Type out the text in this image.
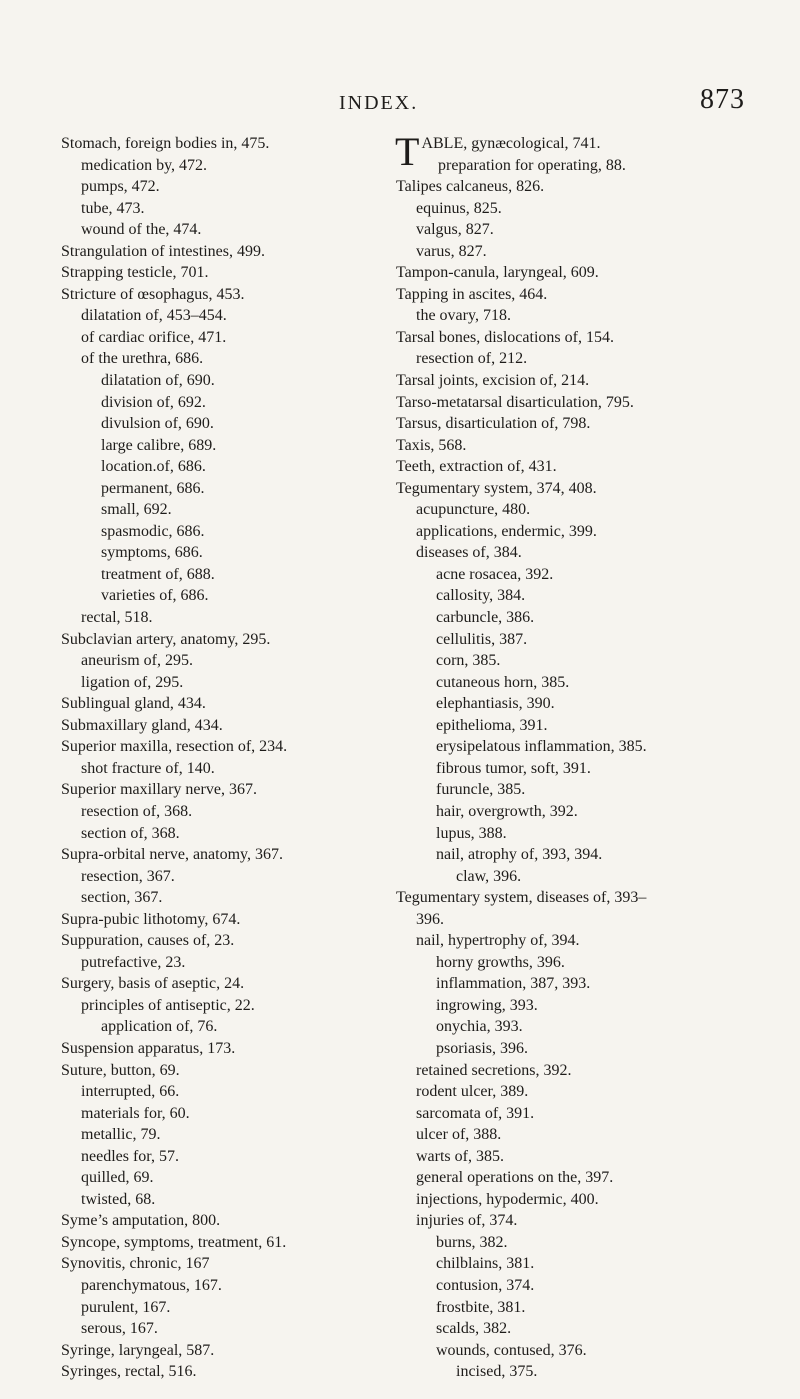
INDEX.	873
Stomach, foreign bodies in, 475.
medication by, 472.
pumps, 472.
tube, 473.
wound of the, 474.
Strangulation of intestines, 499.
Strapping testicle, 701.
Stricture of œsophagus, 453.
dilatation of, 453–454.
of cardiac orifice, 471.
of the urethra, 686.
dilatation of, 690.
division of, 692.
divulsion of, 690.
large calibre, 689.
location.of, 686.
permanent, 686.
small, 692.
spasmodic, 686.
symptoms, 686.
treatment of, 688.
varieties of, 686.
rectal, 518.
Subclavian artery, anatomy, 295.
aneurism of, 295.
ligation of, 295.
Sublingual gland, 434.
Submaxillary gland, 434.
Superior maxilla, resection of, 234.
shot fracture of, 140.
Superior maxillary nerve, 367.
resection of, 368.
section of, 368.
Supra-orbital nerve, anatomy, 367.
resection, 367.
section, 367.
Supra-pubic lithotomy, 674.
Suppuration, causes of, 23.
putrefactive, 23.
Surgery, basis of aseptic, 24.
principles of antiseptic, 22.
application of, 76.
Suspension apparatus, 173.
Suture, button, 69.
interrupted, 66.
materials for, 60.
metallic, 79.
needles for, 57.
quilled, 69.
twisted, 68.
Syme’s amputation, 800.
Syncope, symptoms, treatment, 61.
Synovitis, chronic, 167
parenchymatous, 167.
purulent, 167.
serous, 167.
Syringe, laryngeal, 587.
Syringes, rectal, 516.
TABLE, gynæcological, 741.
preparation for operating, 88.
Talipes calcaneus, 826.
equinus, 825.
valgus, 827.
varus, 827.
Tampon-canula, laryngeal, 609.
Tapping in ascites, 464.
the ovary, 718.
Tarsal bones, dislocations of, 154.
resection of, 212.
Tarsal joints, excision of, 214.
Tarso-metatarsal disarticulation, 795.
Tarsus, disarticulation of, 798.
Taxis, 568.
Teeth, extraction of, 431.
Tegumentary system, 374, 408.
acupuncture, 480.
applications, endermic, 399.
diseases of, 384.
acne rosacea, 392.
callosity, 384.
carbuncle, 386.
cellulitis, 387.
corn, 385.
cutaneous horn, 385.
elephantiasis, 390.
epithelioma, 391.
erysipelatous inflammation, 385.
fibrous tumor, soft, 391.
furuncle, 385.
hair, overgrowth, 392.
lupus, 388.
nail, atrophy of, 393, 394.
claw, 396.
Tegumentary system, diseases of, 393–
396.
nail, hypertrophy of, 394.
horny growths, 396.
inflammation, 387, 393.
ingrowing, 393.
onychia, 393.
psoriasis, 396.
retained secretions, 392.
rodent ulcer, 389.
sarcomata of, 391.
ulcer of, 388.
warts of, 385.
general operations on the, 397.
injections, hypodermic, 400.
injuries of, 374.
burns, 382.
chilblains, 381.
contusion, 374.
frostbite, 381.
scalds, 382.
wounds, contused, 376.
incised, 375.
